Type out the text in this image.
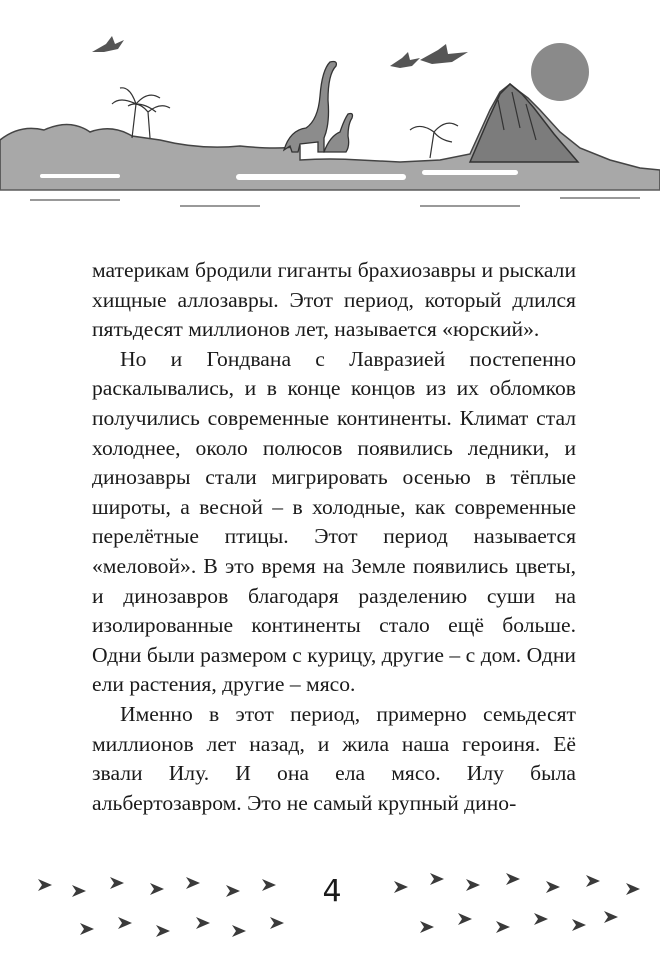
материкам бродили гиганты брахиозавры и рыскали хищные аллозавры. Этот период, который длился пятьдесят миллионов лет, называется «юрский».

Но и Гондвана с Лавразией постепенно раскалывались, и в конце концов из их обломков получились современные континенты. Климат стал холоднее, около полюсов появились ледники, и динозавры стали мигрировать осенью в тёплые широты, а весной – в холодные, как современные перелётные птицы. Этот период называется «меловой». В это время на Земле появились цветы, и динозавров благодаря разделению суши на изолированные континенты стало ещё больше. Одни были размером с курицу, другие – с дом. Одни ели растения, другие – мясо.

Именно в этот период, примерно семьдесят миллионов лет назад, и жила наша героиня. Её звали Илу. И она ела мясо. Илу была альбертозавром. Это не самый крупный дино-

4
